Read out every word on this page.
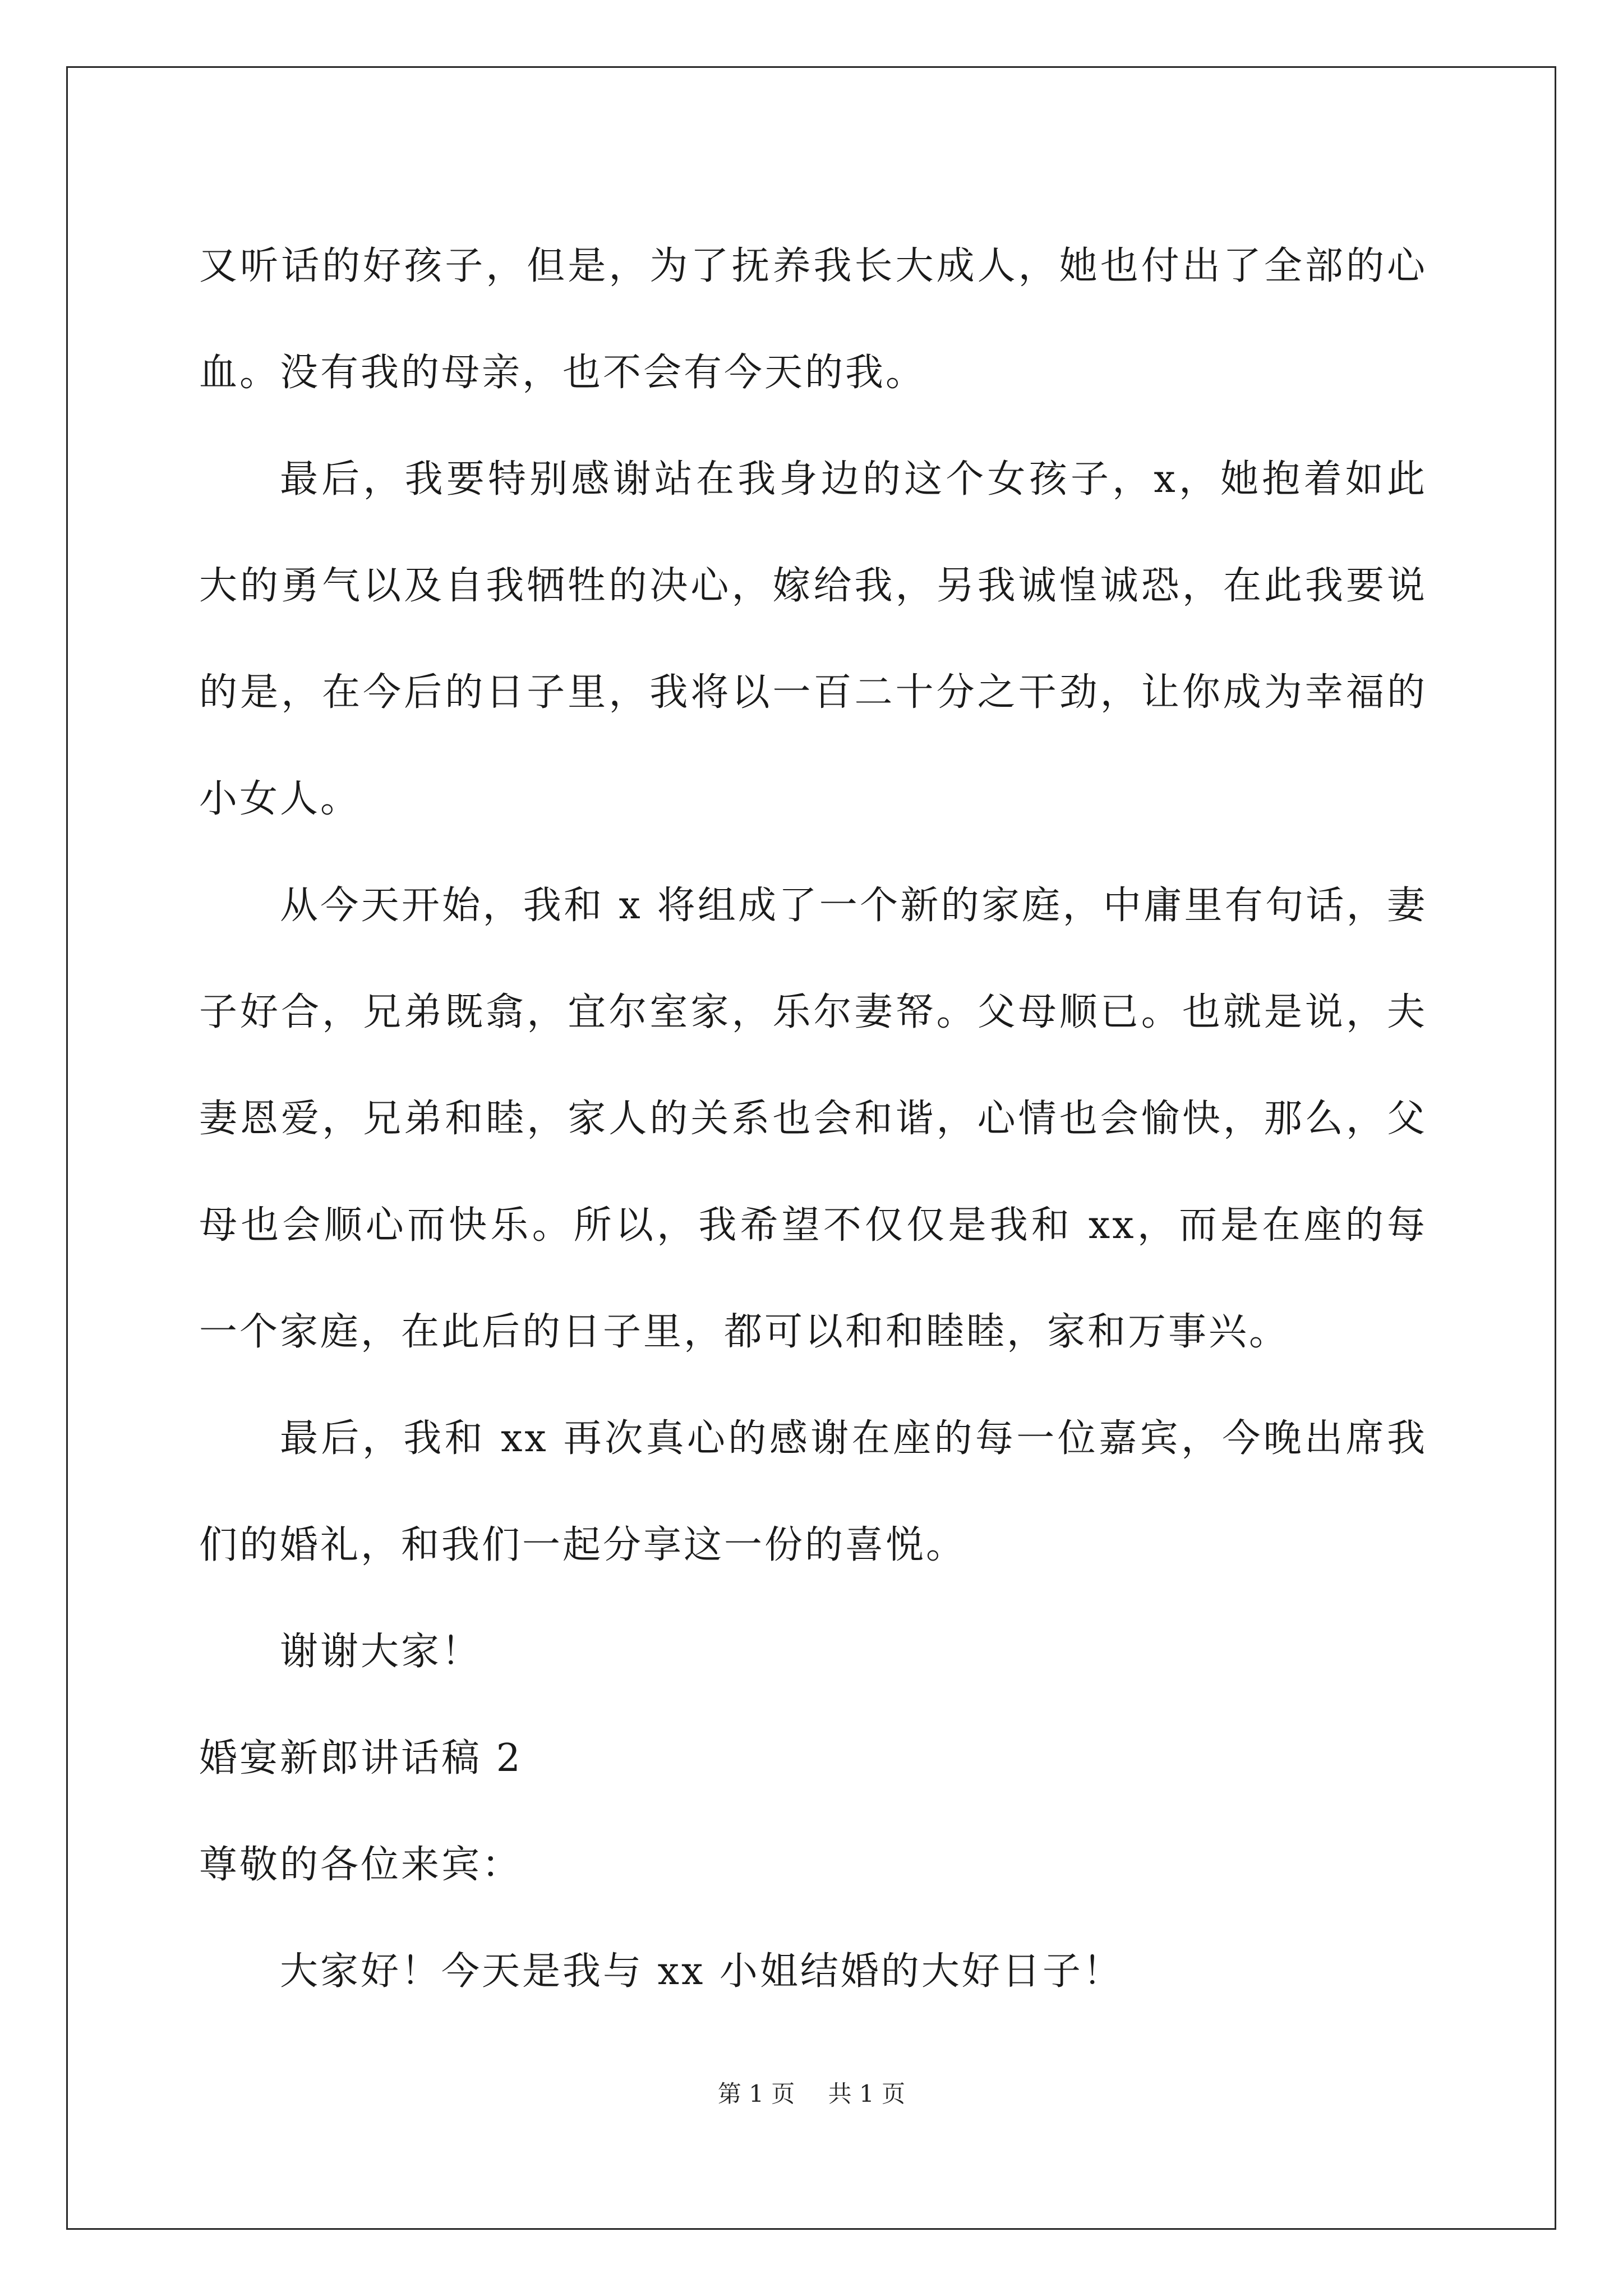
又听话的好孩子，但是，为了抚养我长大成人，她也付出了全部的心血。没有我的母亲，也不会有今天的我。

最后，我要特别感谢站在我身边的这个女孩子，x，她抱着如此大的勇气以及自我牺牲的决心，嫁给我，另我诚惶诚恐，在此我要说的是，在今后的日子里，我将以一百二十分之干劲，让你成为幸福的小女人。

从今天开始，我和 x 将组成了一个新的家庭，中庸里有句话，妻子好合，兄弟既翕，宜尔室家，乐尔妻帑。父母顺已。也就是说，夫妻恩爱，兄弟和睦，家人的关系也会和谐，心情也会愉快，那么，父母也会顺心而快乐。所以，我希望不仅仅是我和 xx，而是在座的每一个家庭，在此后的日子里，都可以和和睦睦，家和万事兴。

最后，我和 xx 再次真心的感谢在座的每一位嘉宾，今晚出席我们的婚礼，和我们一起分享这一份的喜悦。

谢谢大家！

婚宴新郎讲话稿 2

尊敬的各位来宾：

大家好！今天是我与 xx 小姐结婚的大好日子！

第 1 页 共 1 页
